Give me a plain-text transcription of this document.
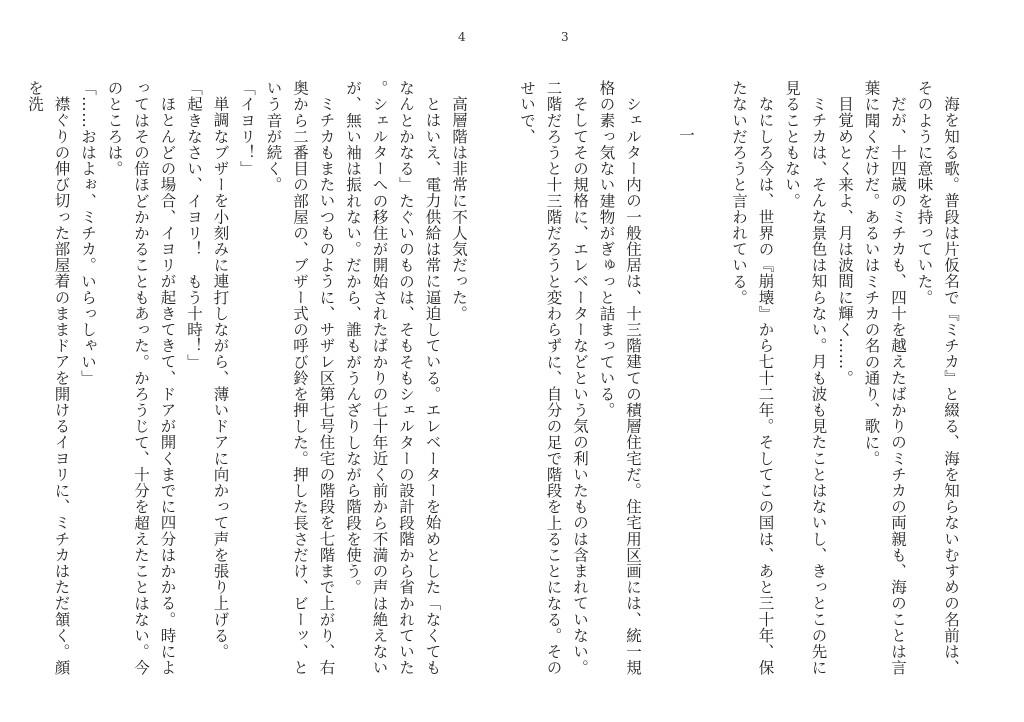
4	3

海を知る歌。普段は片仮名で『ミチカ』と綴る、海を知らないむすめの名前は、そのように意味を持っていた。

だが、十四歳のミチカも、四十を越えたばかりのミチカの両親も、海のことは言葉に聞くだけだ。あるいはミチカの名の通り、歌に。

目覚めとく来よ、月は波間に輝く……。

ミチカは、そんな景色は知らない。月も波も見たことはないし、きっとこの先に見ることもない。

なにしろ今は、世界の『崩壊』から七十二年。そしてこの国は、あと三十年、保たないだろうと言われている。

一

シェルター内の一般住居は、十三階建ての積層住宅だ。住宅用区画には、統一規格の素っ気ない建物がぎゅっと詰まっている。

そしてその規格に、エレベーターなどという気の利いたものは含まれていない。二階だろうと十三階だろうと変わらずに、自分の足で階段を上ることになる。そのせいで、

高層階は非常に不人気だった。

とはいえ、電力供給は常に逼迫している。エレベーターを始めとした「なくてもなんとかなる」たぐいのものは、そもそもシェルターの設計段階から省かれていた。シェルターへの移住が開始されたばかりの七十年近く前から不満の声は絶えないが、無い袖は振れない。だから、誰もがうんざりしながら階段を使う。

ミチカもまたいつものように、サザレ区第七号住宅の階段を七階まで上がり、右奥から二番目の部屋の、ブザー式の呼び鈴を押した。押した長さだけ、ビーッ、という音が続く。

「イヨリ！」

単調なブザーを小刻みに連打しながら、薄いドアに向かって声を張り上げる。

「起きなさい、イヨリ！　もう十時！」

ほとんどの場合、イヨリが起きてきて、ドアが開くまでに四分はかかる。時によってはその倍ほどかかることもあった。かろうじて、十分を超えたことはない。今のところは。

「……おはよぉ、ミチカ。いらっしゃい」

襟ぐりの伸び切った部屋着のままドアを開けるイヨリに、ミチカはただ頷く。顔を洗
